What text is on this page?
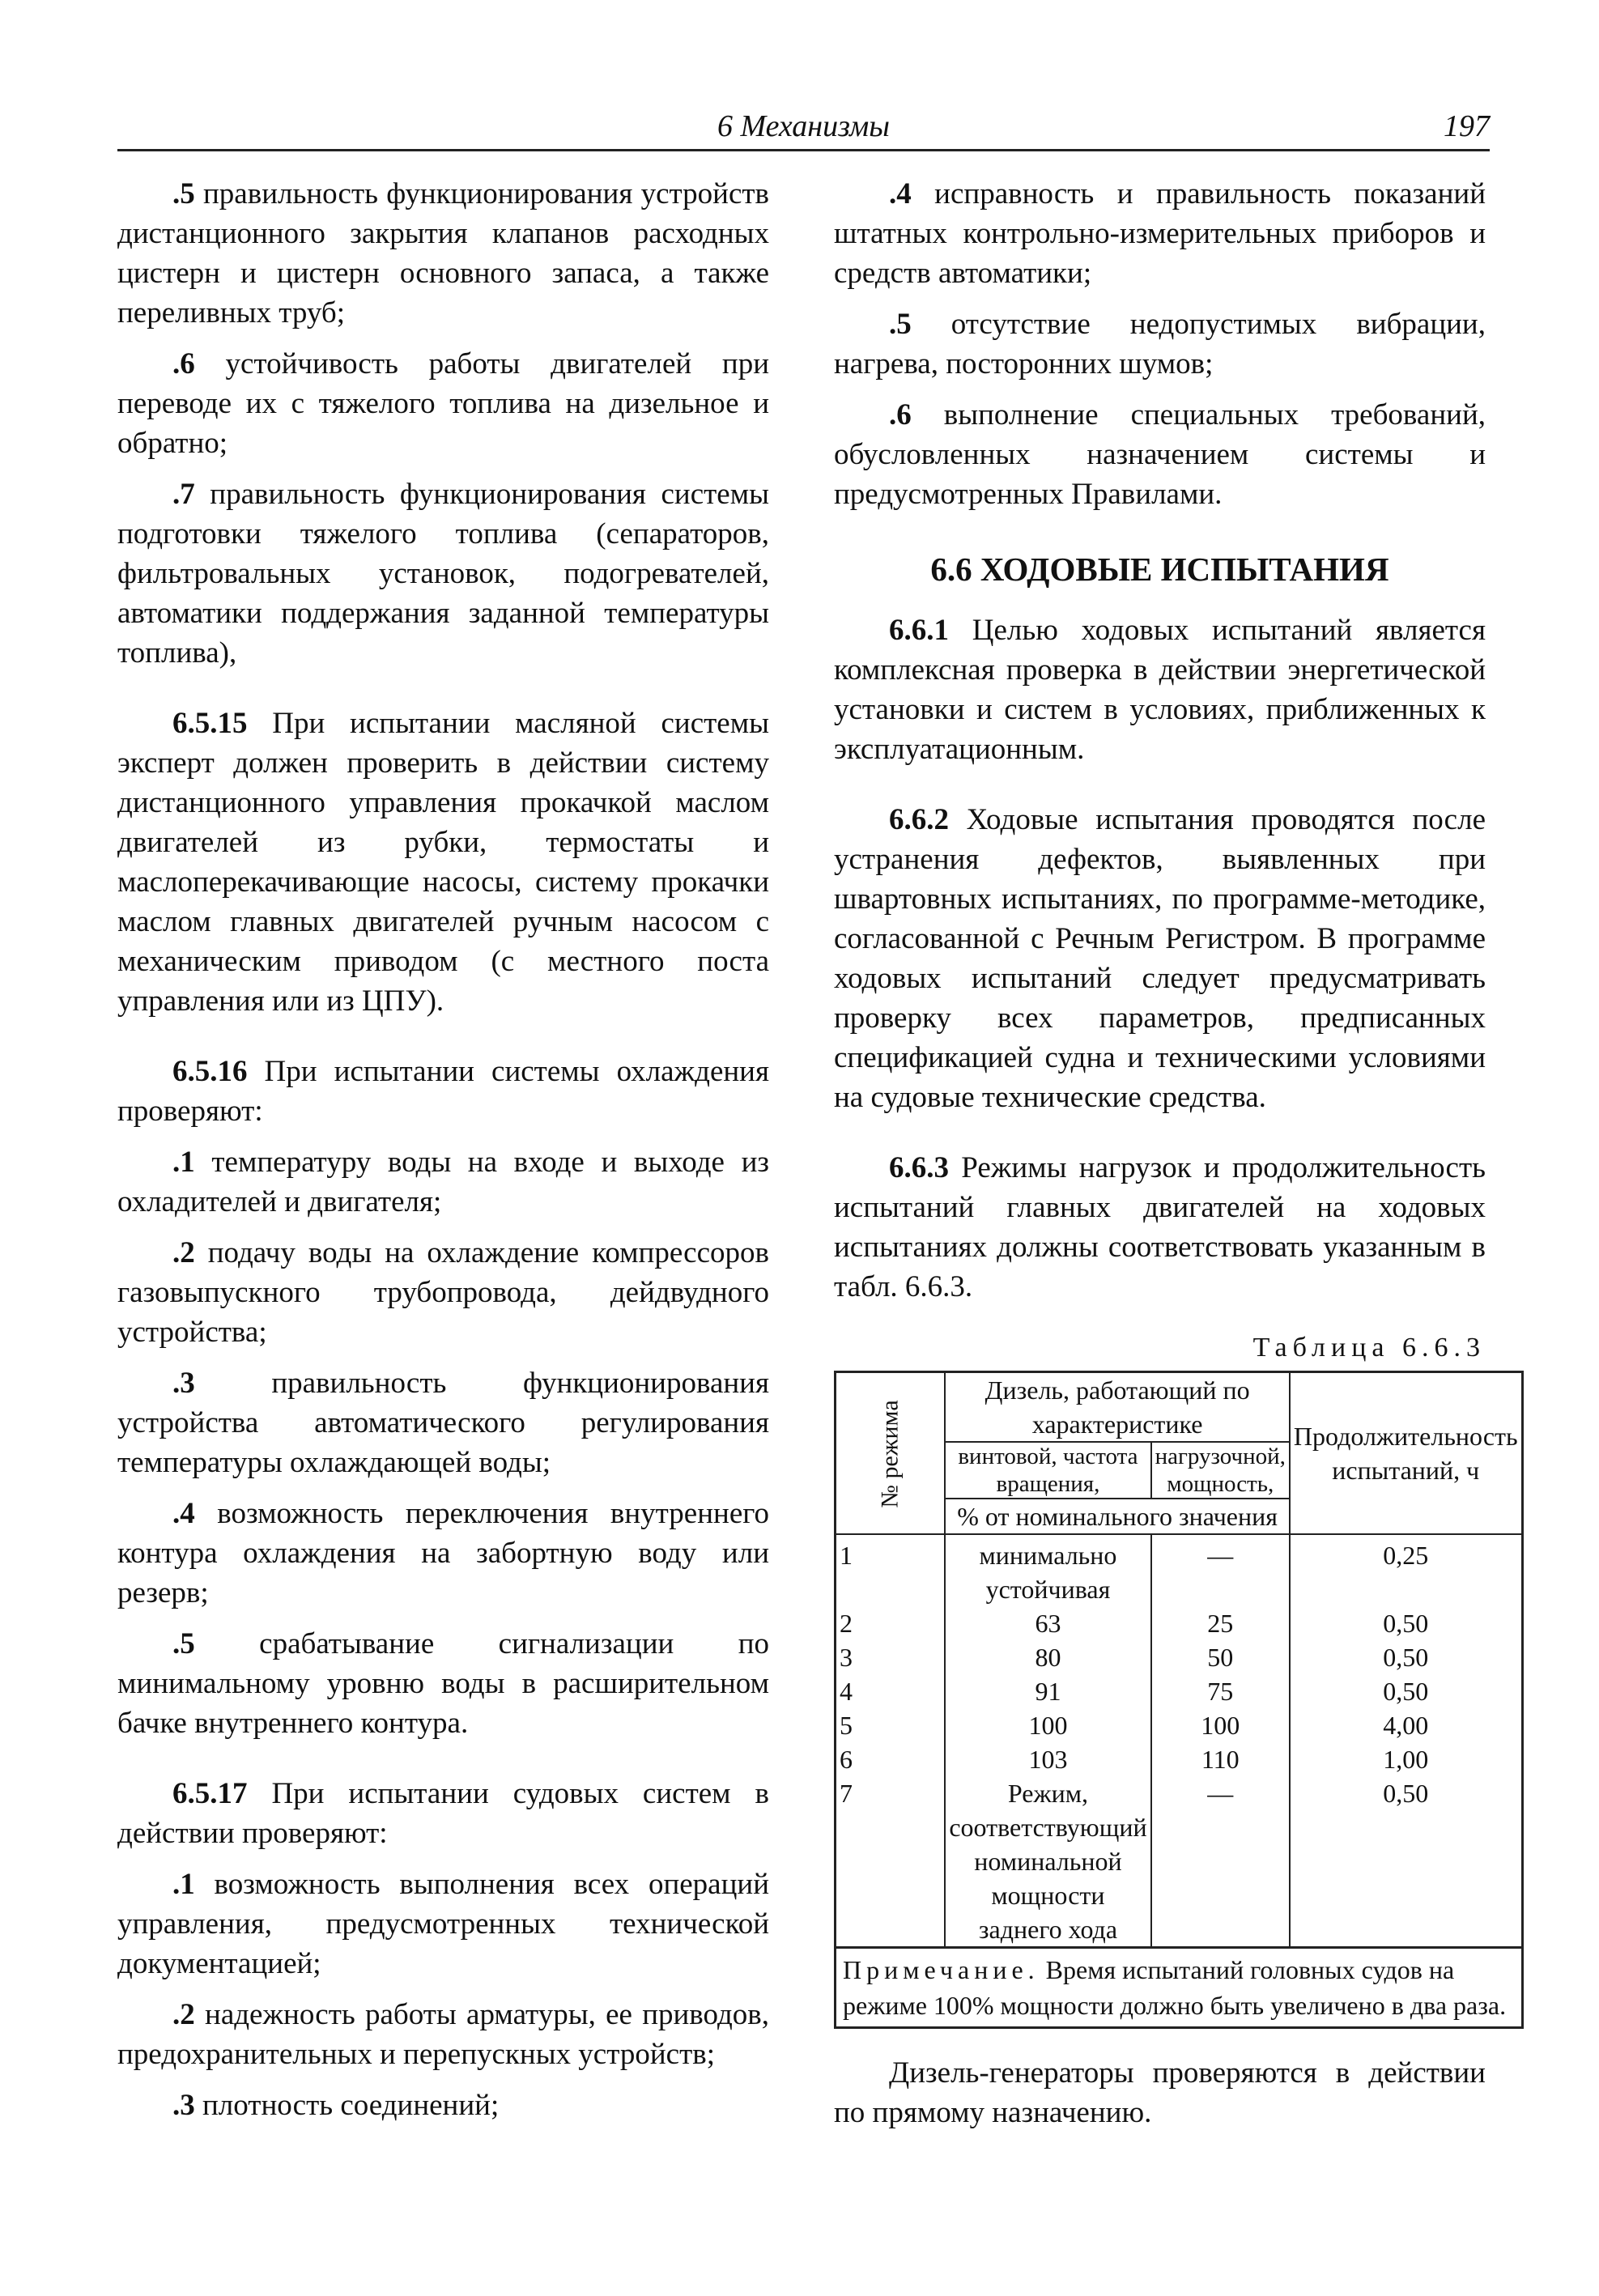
6 Механизмы	197

.5 правильность функционирования устройств дистанционного закрытия клапанов расходных цистерн и цистерн основного запаса, а также переливных труб;

.6 устойчивость работы двигателей при переводе их с тяжелого топлива на дизельное и обратно;

.7 правильность функционирования системы подготовки тяжелого топлива (сепараторов, фильтровальных установок, подогревателей, автоматики поддержания заданной температуры топлива),

6.5.15 При испытании масляной системы эксперт должен проверить в действии систему дистанционного управления прокачкой маслом двигателей из рубки, термостаты и маслоперекачивающие насосы, систему прокачки маслом главных двигателей ручным насосом с механическим приводом (с местного поста управления или из ЦПУ).

6.5.16 При испытании системы охлаждения проверяют:

.1 температуру воды на входе и выходе из охладителей и двигателя;

.2 подачу воды на охлаждение компрессоров газовыпускного трубопровода, дейдвудного устройства;

.3 правильность функционирования устройства автоматического регулирования температуры охлаждающей воды;

.4 возможность переключения внутреннего контура охлаждения на забортную воду или резерв;

.5 срабатывание сигнализации по минимальному уровню воды в расширительном бачке внутреннего контура.

6.5.17 При испытании судовых систем в действии проверяют:

.1 возможность выполнения всех операций управления, предусмотренных технической документацией;

.2 надежность работы арматуры, ее приводов, предохранительных и перепускных устройств;

.3 плотность соединений;

.4 исправность и правильность показаний штатных контрольно-измерительных приборов и средств автоматики;

.5 отсутствие недопустимых вибрации, нагрева, посторонних шумов;

.6 выполнение специальных требований, обусловленных назначением системы и предусмотренных Правилами.

6.6 ХОДОВЫЕ ИСПЫТАНИЯ

6.6.1 Целью ходовых испытаний является комплексная проверка в действии энергетической установки и систем в условиях, приближенных к эксплуатационным.

6.6.2 Ходовые испытания проводятся после устранения дефектов, выявленных при швартовных испытаниях, по программе-методике, согласованной с Речным Регистром. В программе ходовых испытаний следует предусматривать проверку всех параметров, предписанных спецификацией судна и техническими условиями на судовые технические средства.

6.6.3 Режимы нагрузок и продолжительность испытаний главных двигателей на ходовых испытаниях должны соответствовать указанным в табл. 6.6.3.

Таблица 6.6.3
№ режима	Дизель, работающий по характеристике		Продолжительность испытаний, ч
	винтовой, частота вращения,	нагрузочной, мощность,	
	% от номинального значения		
1	минимально устойчивая	—	0,25
2	63	25	0,50
3	80	50	0,50
4	91	75	0,50
5	100	100	4,00
6	103	110	1,00
7	Режим, соответствующий номинальной мощности заднего хода	—	0,50
Примечание. Время испытаний головных судов на режиме 100% мощности должно быть увеличено в два раза.			

Дизель-генераторы проверяются в действии по прямому назначению.
